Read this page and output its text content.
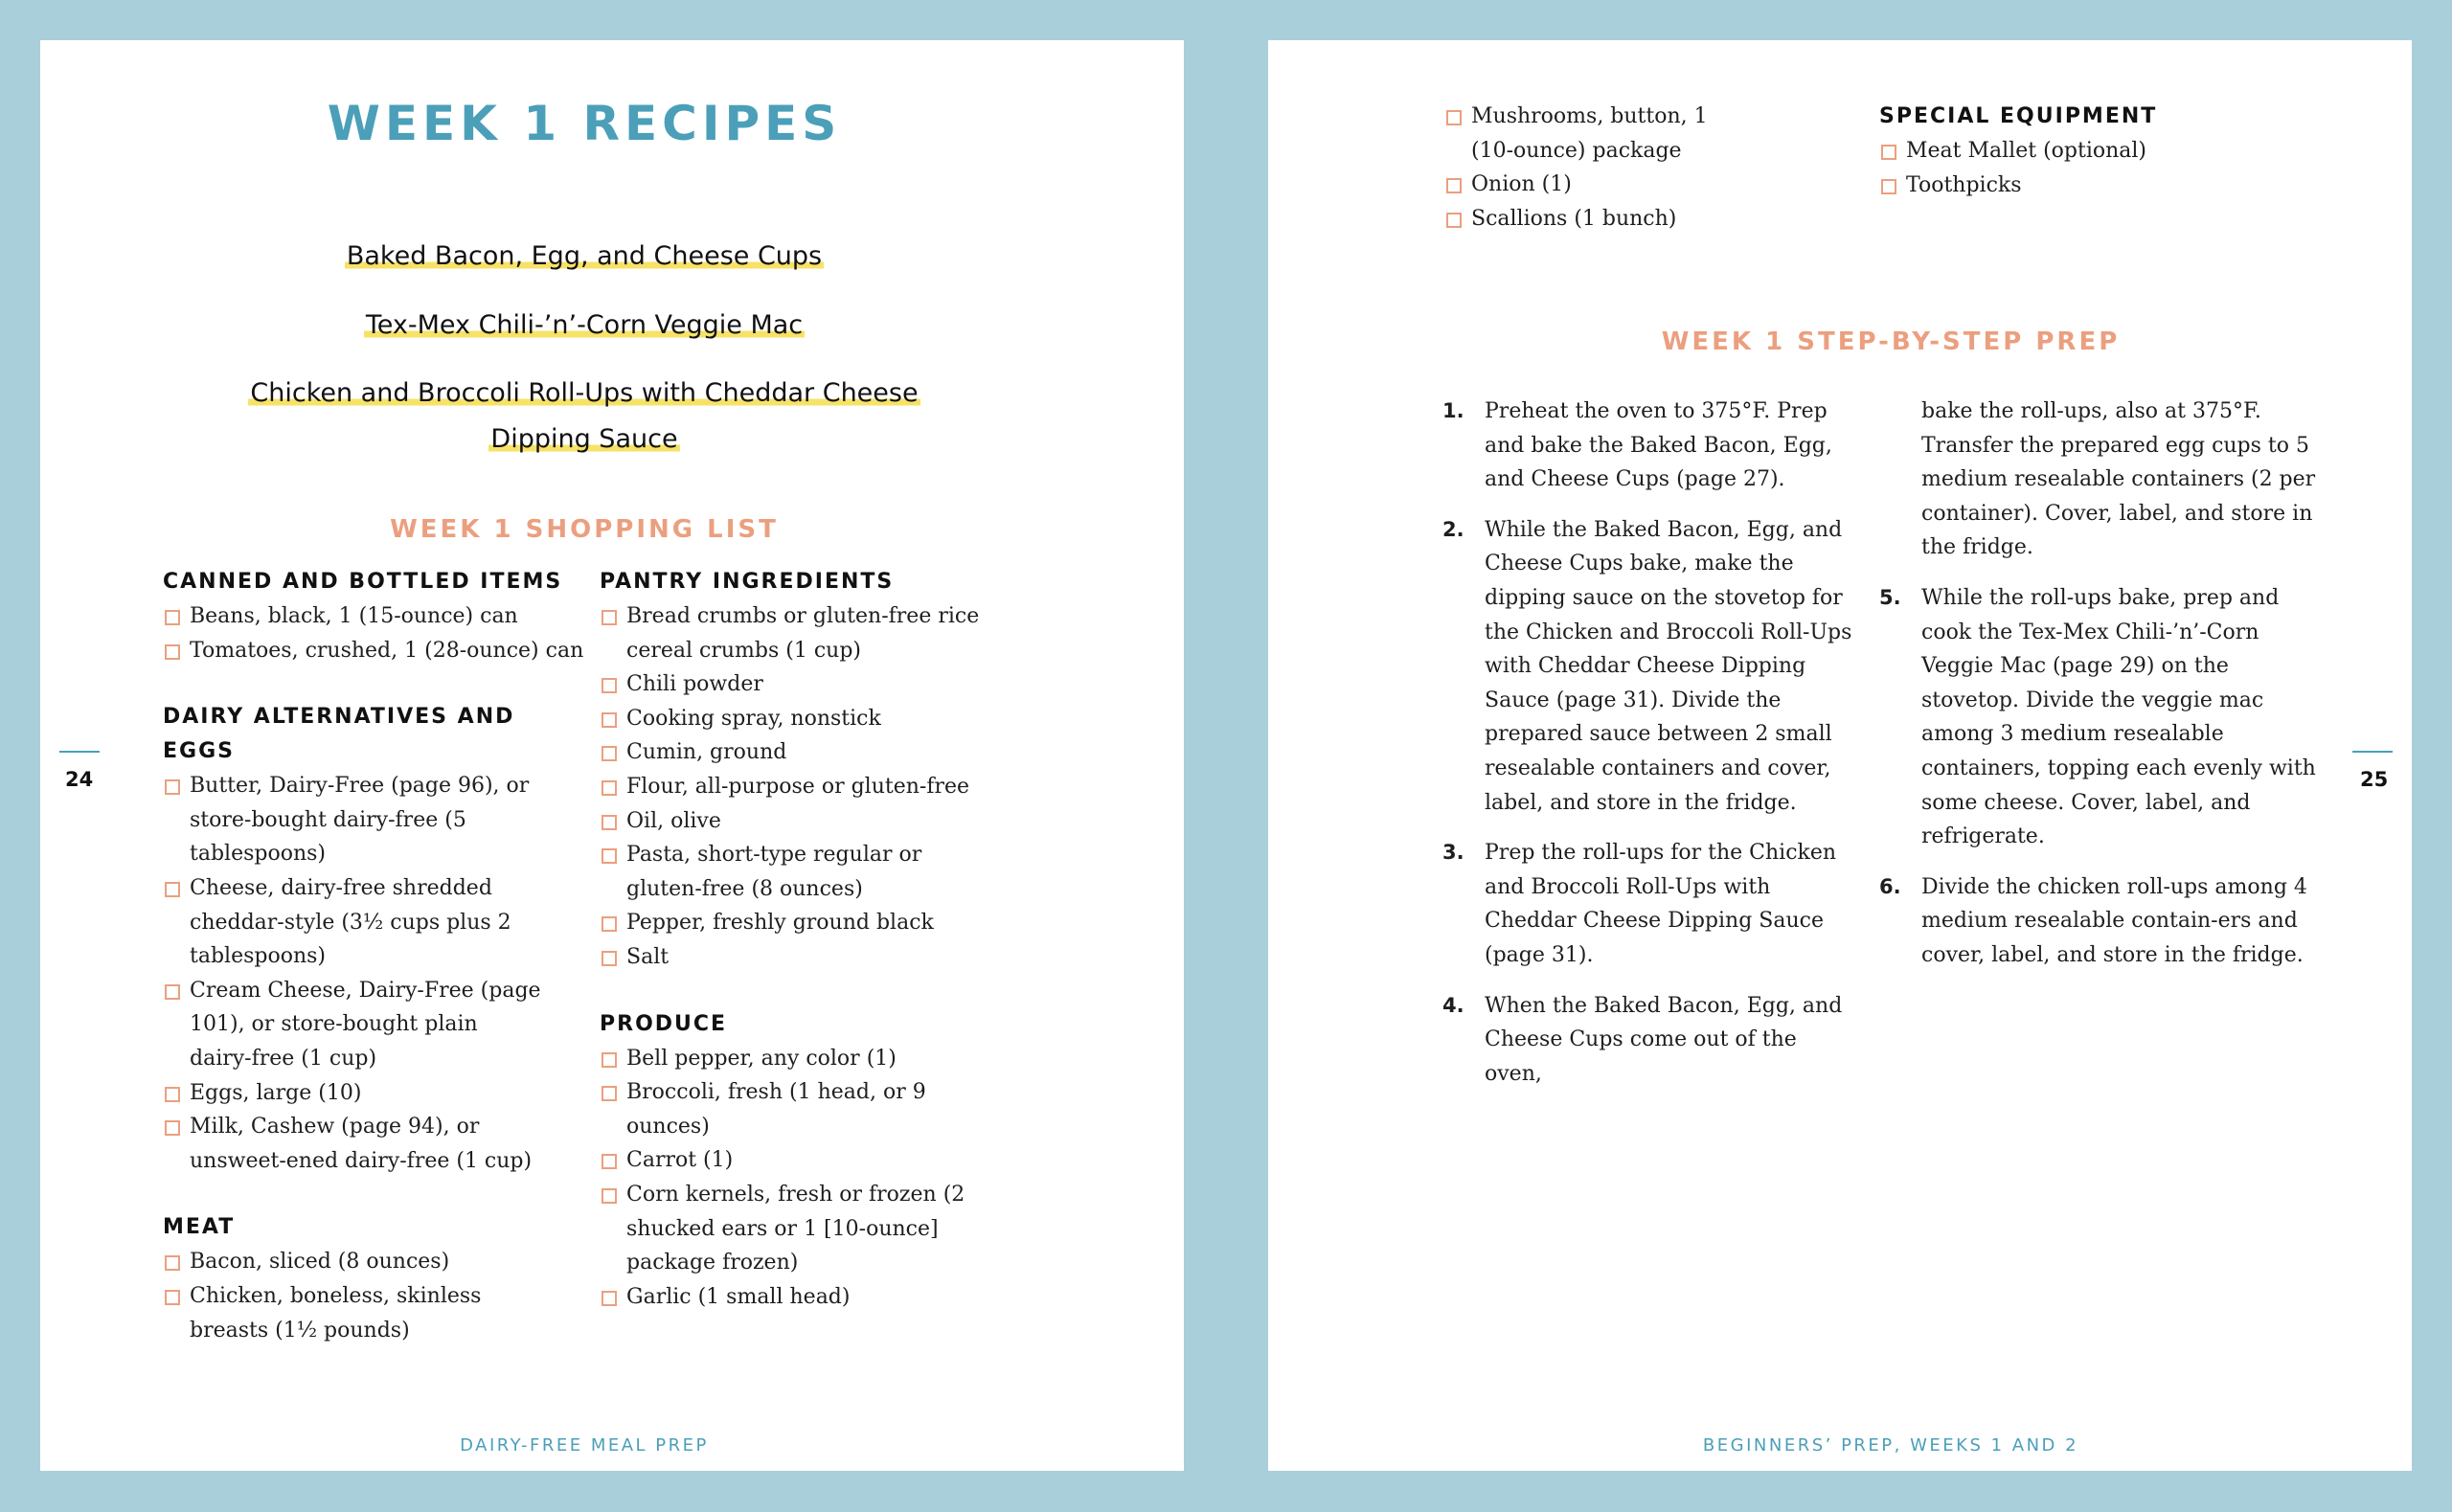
WEEK 1 RECIPES
Baked Bacon, Egg, and Cheese Cups
Tex-Mex Chili-’n’-Corn Veggie Mac
Chicken and Broccoli Roll-Ups with Cheddar Cheese
Dipping Sauce
WEEK 1 SHOPPING LIST
CANNED AND BOTTLED ITEMS
Beans, black, 1 (15-ounce) can
Tomatoes, crushed, 1 (28-ounce) can
DAIRY ALTERNATIVES AND EGGS
Butter, Dairy-Free (page 96), or store-bought dairy-free (5 tablespoons)
Cheese, dairy-free shredded cheddar-style (3½ cups plus 2 tablespoons)
Cream Cheese, Dairy-Free (page 101), or store-bought plain dairy-free (1 cup)
Eggs, large (10)
Milk, Cashew (page 94), or unsweet-ened dairy-free (1 cup)
MEAT
Bacon, sliced (8 ounces)
Chicken, boneless, skinless breasts (1½ pounds)
PANTRY INGREDIENTS
Bread crumbs or gluten-free rice cereal crumbs (1 cup)
Chili powder
Cooking spray, nonstick
Cumin, ground
Flour, all-purpose or gluten-free
Oil, olive
Pasta, short-type regular or gluten-free (8 ounces)
Pepper, freshly ground black
Salt
PRODUCE
Bell pepper, any color (1)
Broccoli, fresh (1 head, or 9 ounces)
Carrot (1)
Corn kernels, fresh or frozen (2 shucked ears or 1 [10-ounce] package frozen)
Garlic (1 small head)
24
DAIRY-FREE MEAL PREP
Mushrooms, button, 1 (10-ounce) package
Onion (1)
Scallions (1 bunch)
SPECIAL EQUIPMENT
Meat Mallet (optional)
Toothpicks
WEEK 1 STEP-BY-STEP PREP
1. Preheat the oven to 375°F. Prep and bake the Baked Bacon, Egg, and Cheese Cups (page 27).
2. While the Baked Bacon, Egg, and Cheese Cups bake, make the dipping sauce on the stovetop for the Chicken and Broccoli Roll-Ups with Cheddar Cheese Dipping Sauce (page 31). Divide the prepared sauce between 2 small resealable containers and cover, label, and store in the fridge.
3. Prep the roll-ups for the Chicken and Broccoli Roll-Ups with Cheddar Cheese Dipping Sauce (page 31).
4. When the Baked Bacon, Egg, and Cheese Cups come out of the oven,
bake the roll-ups, also at 375°F. Transfer the prepared egg cups to 5 medium resealable containers (2 per container). Cover, label, and store in the fridge.
5. While the roll-ups bake, prep and cook the Tex-Mex Chili-’n’-Corn Veggie Mac (page 29) on the stovetop. Divide the veggie mac among 3 medium resealable containers, topping each evenly with some cheese. Cover, label, and refrigerate.
6. Divide the chicken roll-ups among 4 medium resealable contain-ers and cover, label, and store in the fridge.
25
BEGINNERS’ PREP, WEEKS 1 AND 2
